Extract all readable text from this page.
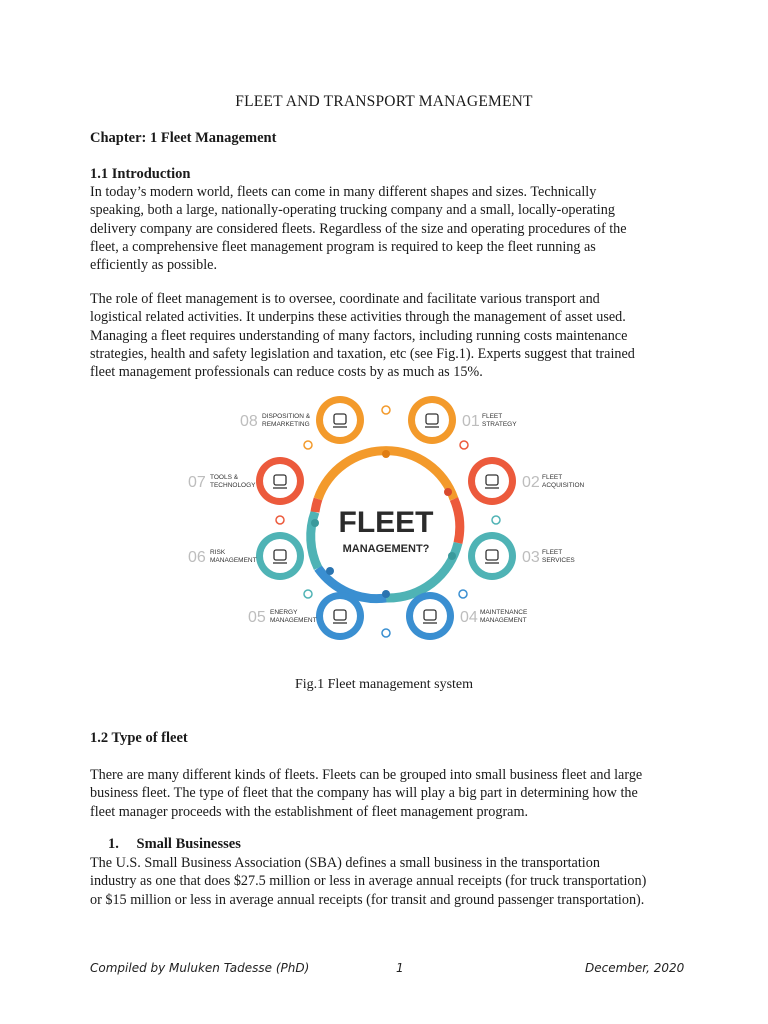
FLEET AND TRANSPORT MANAGEMENT
Chapter: 1 Fleet Management
1.1 Introduction
In today’s modern world, fleets can come in many different shapes and sizes. Technically
speaking, both a large, nationally-operating trucking company and a small, locally-operating
delivery company are considered fleets. Regardless of the size and operating procedures of the
fleet, a comprehensive fleet management program is required to keep the fleet running as
efficiently as possible.
The role of fleet management is to oversee, coordinate and facilitate various transport and
logistical related activities. It underpins these activities through the management of asset used.
Managing a fleet requires understanding of many factors, including running costs maintenance
strategies, health and safety legislation and taxation, etc (see Fig.1). Experts suggest that trained
fleet management professionals can reduce costs by as much as 15%.
FLEET
MANAGEMENT?
01 FLEET
STRATEGY
02 FLEET
ACQUISITION
03 FLEET
SERVICES
04 MAINTENANCE
MANAGEMENT
05 ENERGY
MANAGEMENT
06 RISK
MANAGEMENT
07 TOOLS &
TECHNOLOGY
08 DISPOSITION &
REMARKETING
Fig.1 Fleet management system
1.2 Type of fleet
There are many different kinds of fleets. Fleets can be grouped into small business fleet and large
business fleet. The type of fleet that the company has will play a big part in determining how the
fleet manager proceeds with the establishment of fleet management program.
1. Small Businesses
The U.S. Small Business Association (SBA) defines a small business in the transportation
industry as one that does $27.5 million or less in average annual receipts (for truck transportation)
or $15 million or less in average annual receipts (for transit and ground passenger transportation).
Compiled by Muluken Tadesse (PhD)	1	December, 2020
